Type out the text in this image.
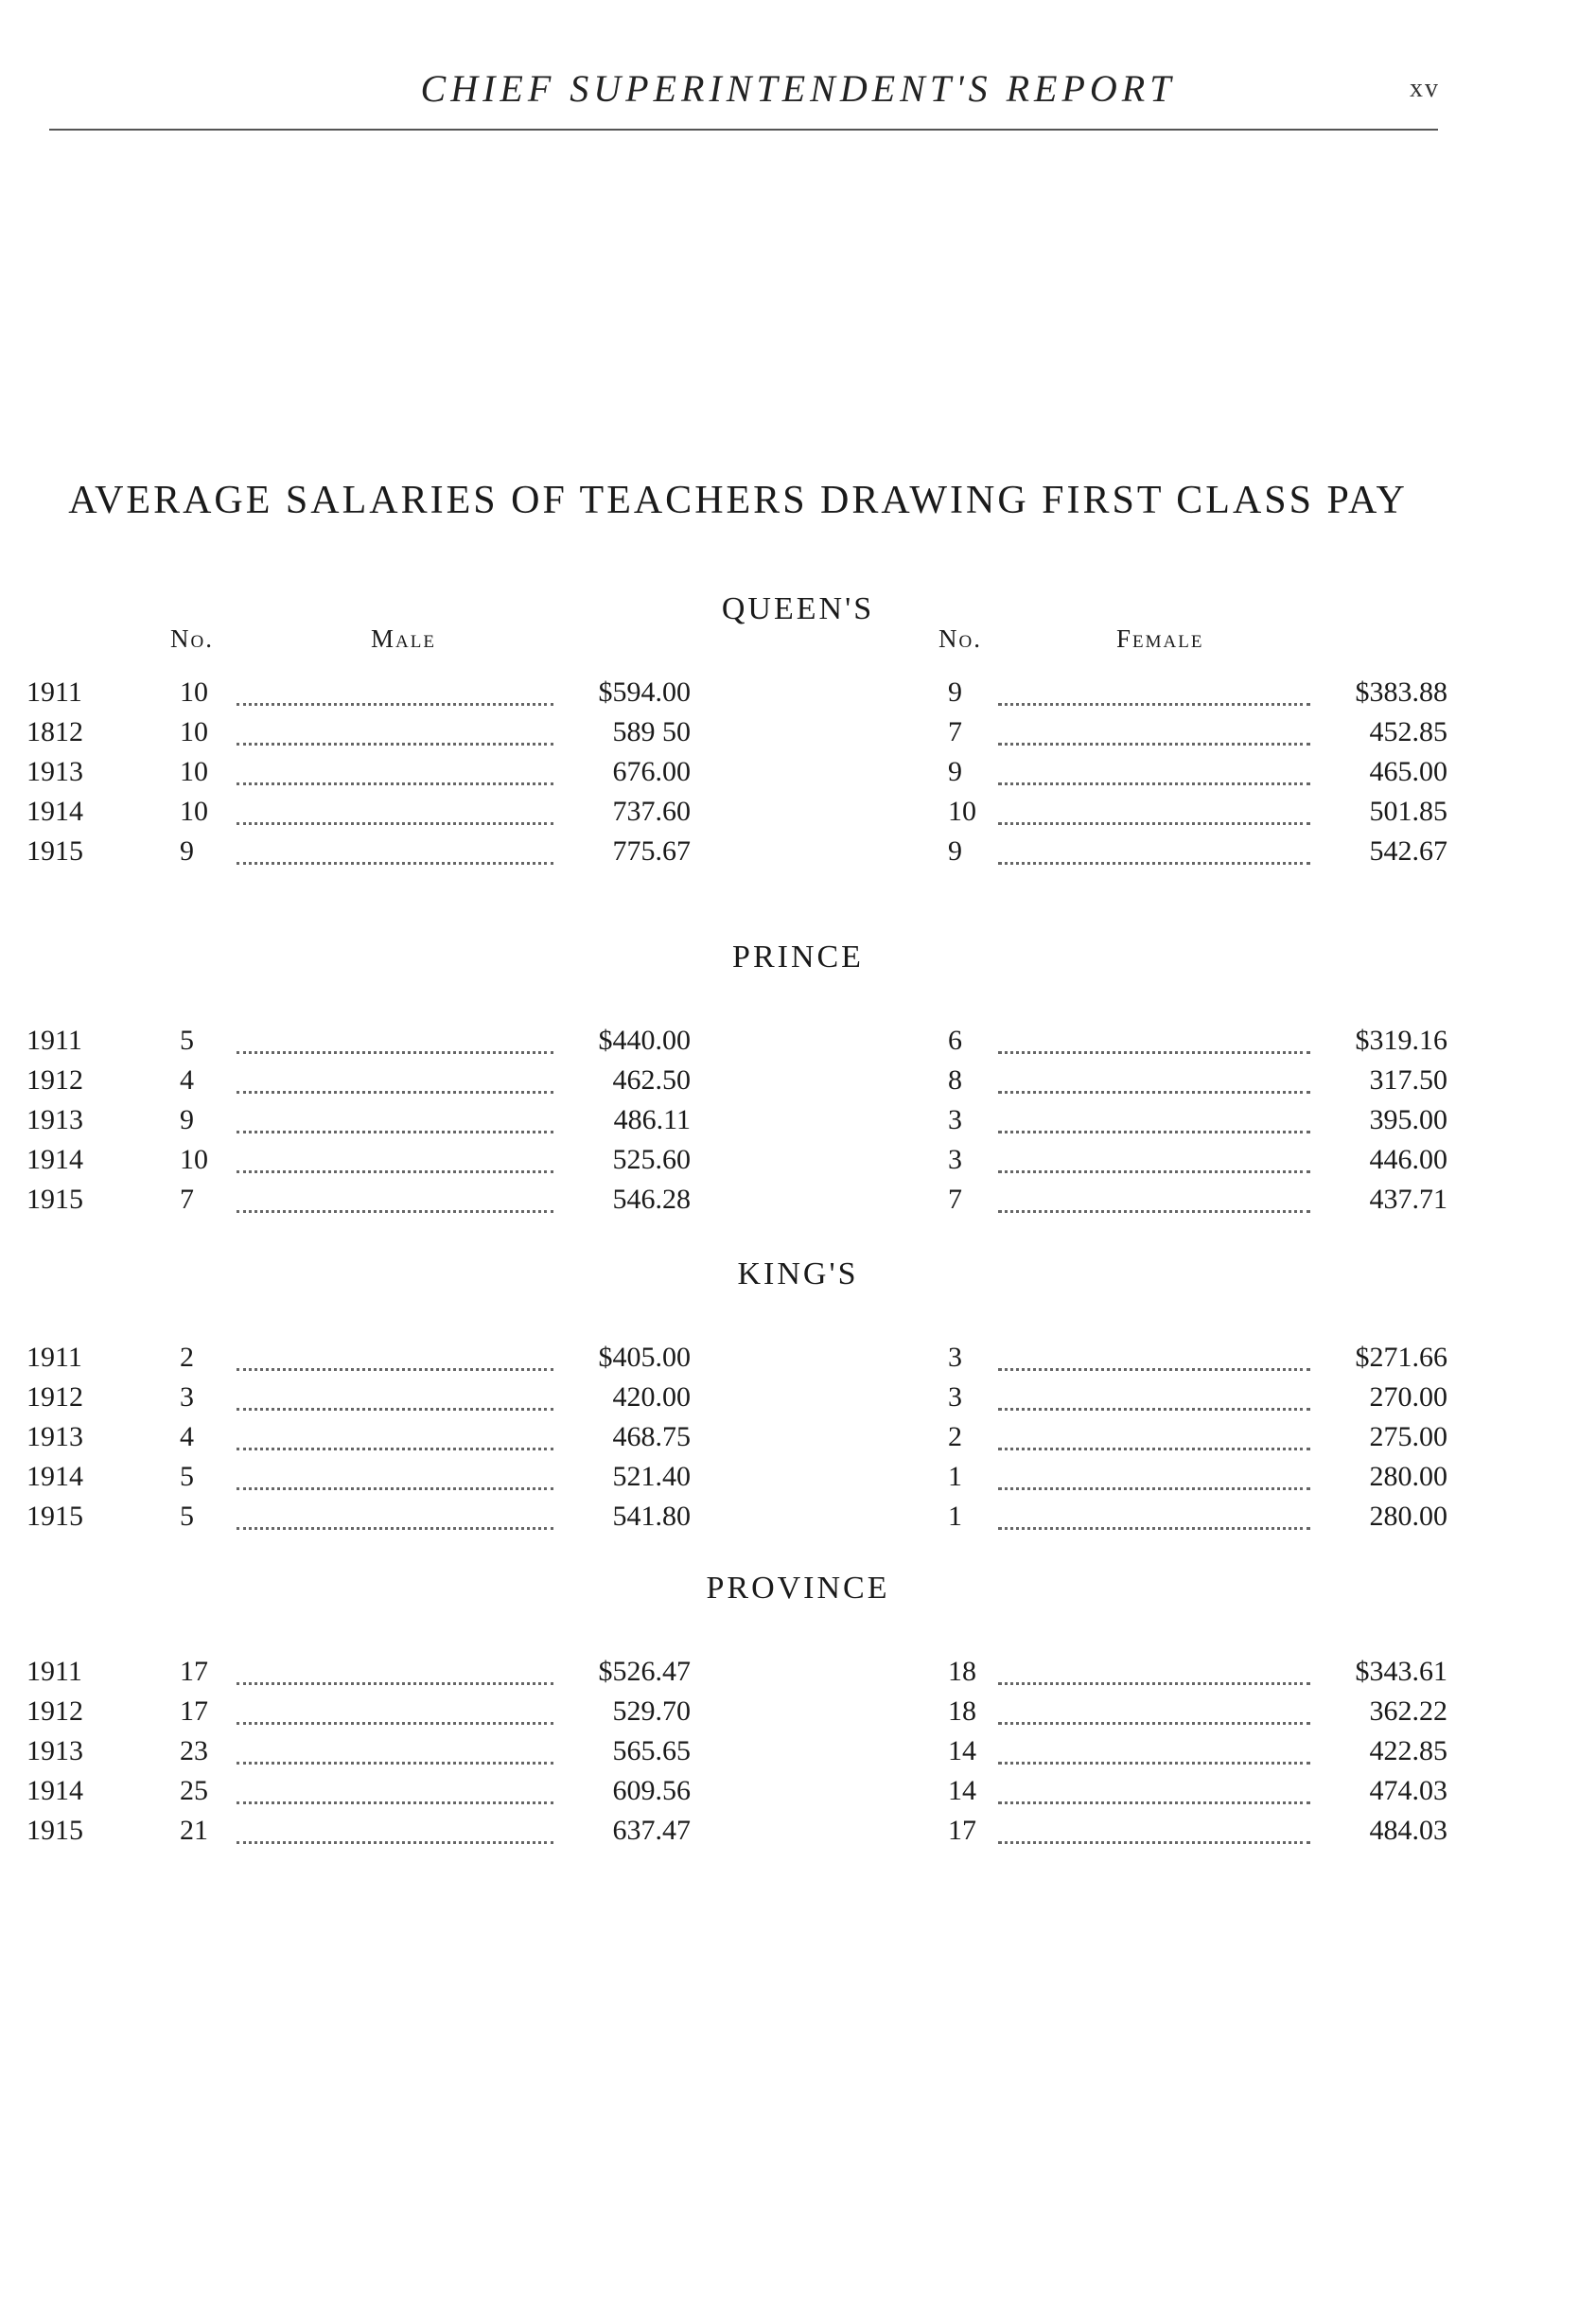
CHIEF SUPERINTENDENT'S REPORT	xv
AVERAGE SALARIES OF TEACHERS DRAWING FIRST CLASS PAY
No.	Male	No.	Female
QUEEN'S
1911	10	$594.00	9	$383.88
1812	10	589 50	7	452.85
1913	10	676.00	9	465.00
1914	10	737.60	10	501.85
1915	9	775.67	9	542.67
PRINCE
1911	5	$440.00	6	$319.16
1912	4	462.50	8	317.50
1913	9	486.11	3	395.00
1914	10	525.60	3	446.00
1915	7	546.28	7	437.71
KING'S
1911	2	$405.00	3	$271.66
1912	3	420.00	3	270.00
1913	4	468.75	2	275.00
1914	5	521.40	1	280.00
1915	5	541.80	1	280.00
PROVINCE
1911	17	$526.47	18	$343.61
1912	17	529.70	18	362.22
1913	23	565.65	14	422.85
1914	25	609.56	14	474.03
1915	21	637.47	17	484.03
